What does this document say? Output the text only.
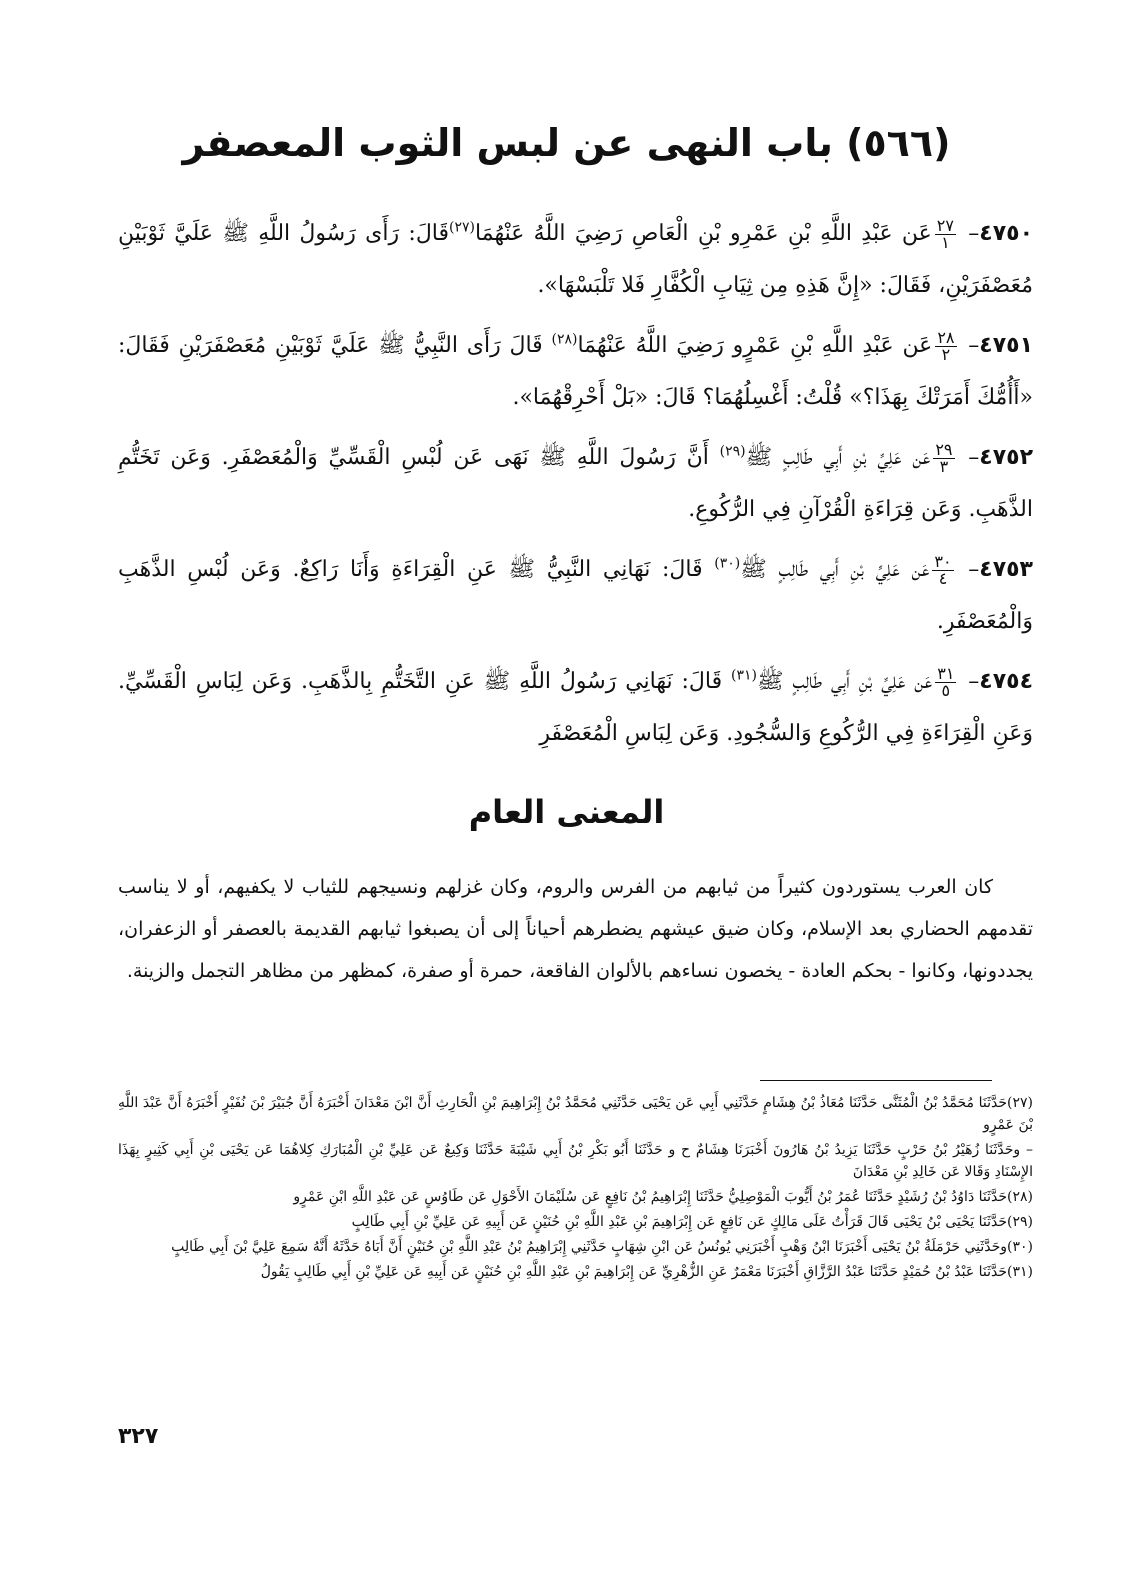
(٥٦٦) باب النهى عن لبس الثوب المعصفر

٤٧٥٠–
$\frac{٢٧}{١}$
عَن عَبْدِ اللَّهِ بْنِ عَمْرِو بْنِ الْعَاصِ رَضِيَ اللَّهُ عَنْهُمَا$^{(٢٧)}$قَالَ: رَأَى رَسُولُ اللَّهِ ﷺ عَلَيَّ ثَوْبَيْنِ مُعَصْفَرَيْنِ، فَقَالَ: «إِنَّ هَذِهِ مِن ثِيَابِ الْكُفَّارِ فَلا تَلْبَسْهَا».

٤٧٥١–
$\frac{٢٨}{٢}$
عَن عَبْدِ اللَّهِ بْنِ عَمْرٍو رَضِيَ اللَّهُ عَنْهُمَا$^{(٢٨)}$ قَالَ رَأَى النَّبِيُّ ﷺ عَلَيَّ ثَوْبَيْنِ مُعَصْفَرَيْنِ فَقَالَ: «أَأُمُّكَ أَمَرَتْكَ بِهَذَا؟» قُلْتُ: أَغْسِلُهُمَا؟ قَالَ: «بَلْ أَحْرِقْهُمَا».

٤٧٥٢–
$\frac{٢٩}{٣}$
عَن عَلِيِّ بْنِ أَبِي طَالِبٍ ﷺ$^{(٢٩)}$ أَنَّ رَسُولَ اللَّهِ ﷺ نَهَى عَن لُبْسِ الْقَسِّيِّ وَالْمُعَصْفَرِ. وَعَن تَخَتُّمِ الذَّهَبِ. وَعَن قِرَاءَةِ الْقُرْآنِ فِي الرُّكُوعِ.

٤٧٥٣–
$\frac{٣٠}{٤}$
عَن عَلِيِّ بْنِ أَبِي طَالِبٍ ﷺ$^{(٣٠)}$ قَالَ: نَهَانِي النَّبِيُّ ﷺ عَنِ الْقِرَاءَةِ وَأَنَا رَاكِعٌ. وَعَن لُبْسِ الذَّهَبِ وَالْمُعَصْفَرِ.

٤٧٥٤–
$\frac{٣١}{٥}$
عَن عَلِيِّ بْنِ أَبِي طَالِبٍ ﷺ$^{(٣١)}$ قَالَ: نَهَانِي رَسُولُ اللَّهِ ﷺ عَنِ التَّخَتُّمِ بِالذَّهَبِ. وَعَن لِبَاسِ الْقَسِّيِّ. وَعَنِ الْقِرَاءَةِ فِي الرُّكُوعِ وَالسُّجُودِ. وَعَن لِبَاسِ الْمُعَصْفَرِ

المعنى العام

كان العرب يستوردون كثيراً من ثيابهم من الفرس والروم، وكان غزلهم ونسيجهم للثياب لا يكفيهم، أو لا يناسب تقدمهم الحضاري بعد الإسلام، وكان ضيق عيشهم يضطرهم أحياناً إلى أن يصبغوا ثيابهم القديمة بالعصفر أو الزعفران، يجددونها، وكانوا - بحكم العادة - يخصون نساءهم بالألوان الفاقعة، حمرة أو صفرة، كمظهر من مظاهر التجمل والزينة.

(٢٧)حَدَّثَنَا مُحَمَّدُ بْنُ الْمُثَنَّى حَدَّثَنَا مُعَاذُ بْنُ هِشَامٍ حَدَّثَنِي أَبِي عَن يَحْيَى حَدَّثَنِي مُحَمَّدُ بْنُ إِبْرَاهِيمَ بْنِ الْحَارِثِ أَنَّ ابْنَ مَعْدَانَ أَخْبَرَهُ أَنَّ جُبَيْرَ بْنَ نُفَيْرٍ أَخْبَرَهُ أَنَّ عَبْدَ اللَّهِ بْنَ عَمْرٍو

– وحَدَّثَنَا زُهَيْرُ بْنُ حَرْبٍ حَدَّثَنَا يَزِيدُ بْنُ هَارُونَ أَخْبَرَنَا هِشَامٌ ح و حَدَّثَنَا أَبُو بَكْرِ بْنُ أَبِي شَيْبَةَ حَدَّثَنَا وَكِيعٌ عَن عَلِيِّ بْنِ الْمُبَارَكِ كِلاهُمَا عَن يَحْيَى بْنِ أَبِي كَثِيرٍ بِهَذَا الإِسْنَادِ وَقَالا عَن خَالِدِ بْنِ مَعْدَانَ

(٢٨)حَدَّثَنَا دَاوُدُ بْنُ رُشَيْدٍ حَدَّثَنَا عُمَرُ بْنُ أَيُّوبَ الْمَوْصِلِيُّ حَدَّثَنَا إِبْرَاهِيمُ بْنُ نَافِعٍ عَن سُلَيْمَانَ الأَحْوَلِ عَن طَاوُسٍ عَن عَبْدِ اللَّهِ ابْنِ عَمْرٍو

(٢٩)حَدَّثَنَا يَحْيَى بْنُ يَحْيَى قَالَ قَرَأْتُ عَلَى مَالِكٍ عَن نَافِعٍ عَن إِبْرَاهِيمَ بْنِ عَبْدِ اللَّهِ بْنِ حُنَيْنٍ عَن أَبِيهِ عَن عَلِيِّ بْنِ أَبِي طَالِبٍ

(٣٠)وحَدَّثَنِي حَرْمَلَةُ بْنُ يَحْيَى أَخْبَرَنَا ابْنُ وَهْبٍ أَخْبَرَنِي يُونُسُ عَن ابْنِ شِهَابٍ حَدَّثَنِي إِبْرَاهِيمُ بْنُ عَبْدِ اللَّهِ بْنِ حُنَيْنٍ أَنَّ أَبَاهُ حَدَّثَهُ أَنَّهُ سَمِعَ عَلِيَّ بْنَ أَبِي طَالِبٍ

(٣١)حَدَّثَنَا عَبْدُ بْنُ حُمَيْدٍ حَدَّثَنَا عَبْدُ الرَّزَّاقِ أَخْبَرَنَا مَعْمَرٌ عَنِ الزُّهْرِيِّ عَن إِبْرَاهِيمَ بْنِ عَبْدِ اللَّهِ بْنِ حُنَيْنٍ عَن أَبِيهِ عَن عَلِيِّ بْنِ أَبِي طَالِبٍ يَقُولُ

٣٢٧
